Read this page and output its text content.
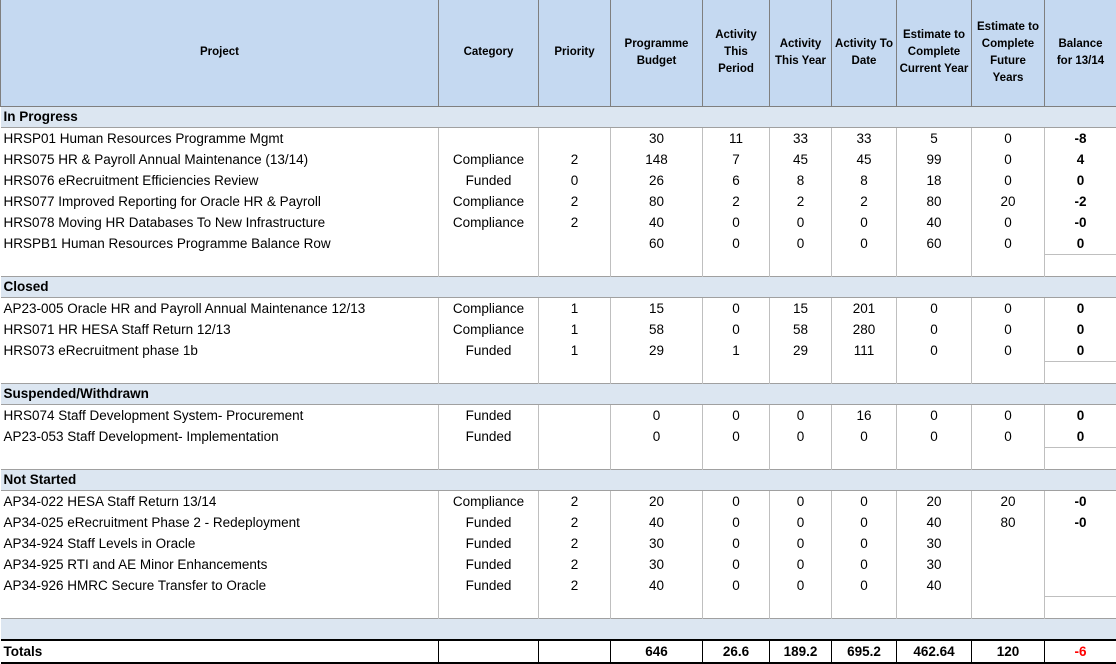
Project	Category	Priority	Programme Budget	Activity This Period	Activity This Year	Activity To Date	Estimate to Complete Current Year	Estimate to Complete Future Years	Balance for 13/14
In Progress									
HRSP01 Human Resources Programme Mgmt			30	11	33	33	5	0	-8
HRS075 HR & Payroll Annual Maintenance (13/14)	Compliance	2	148	7	45	45	99	0	4
HRS076 eRecruitment Efficiencies Review	Funded	0	26	6	8	8	18	0	0
HRS077 Improved Reporting for Oracle HR & Payroll	Compliance	2	80	2	2	2	80	20	-2
HRS078 Moving HR Databases To New Infrastructure	Compliance	2	40	0	0	0	40	0	-0
HRSPB1 Human Resources Programme Balance Row			60	0	0	0	60	0	0

Closed									
AP23-005 Oracle HR and Payroll Annual Maintenance 12/13	Compliance	1	15	0	15	201	0	0	0
HRS071 HR HESA Staff Return 12/13	Compliance	1	58	0	58	280	0	0	0
HRS073 eRecruitment phase 1b	Funded	1	29	1	29	111	0	0	0

Suspended/Withdrawn									
HRS074 Staff Development System- Procurement	Funded		0	0	0	16	0	0	0
AP23-053 Staff Development- Implementation	Funded		0	0	0	0	0	0	0

Not Started									
AP34-022 HESA Staff Return 13/14	Compliance	2	20	0	0	0	20	20	-0
AP34-025 eRecruitment Phase 2 - Redeployment	Funded	2	40	0	0	0	40	80	-0
AP34-924 Staff Levels in Oracle	Funded	2	30	0	0	0	30		
AP34-925 RTI and AE Minor Enhancements	Funded	2	30	0	0	0	30		
AP34-926 HMRC Secure Transfer to Oracle	Funded	2	40	0	0	0	40		

Totals			646	26.6	189.2	695.2	462.64	120	-6
